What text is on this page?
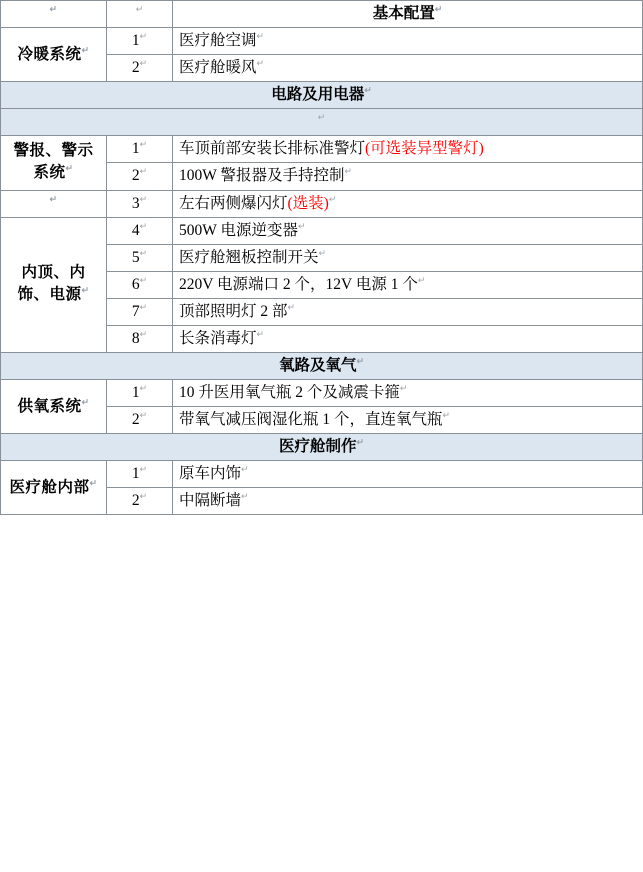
↵	↵	基本配置↵
冷暖系统↵	1↵	医疗舱空调↵
	2↵	医疗舱暖风↵
电路及用电器↵
↵
警报、警示系统↵	1↵	车顶前部安装长排标准警灯(可选装异型警灯)
	2↵	100W 警报器及手持控制↵
↵	3↵	左右两侧爆闪灯(选装)↵
内顶、内饰、电源↵	4↵	500W 电源逆变器↵
	5↵	医疗舱翘板控制开关↵
	6↵	220V 电源端口 2 个，12V 电源 1 个↵
	7↵	顶部照明灯 2 部↵
	8↵	长条消毒灯↵
氧路及氧气↵
供氧系统↵	1↵	10 升医用氧气瓶 2 个及减震卡箍↵
	2↵	带氧气减压阀湿化瓶 1 个，直连氧气瓶↵
医疗舱制作↵
医疗舱内部↵	1↵	原车内饰↵
	2↵	中隔断墙↵
